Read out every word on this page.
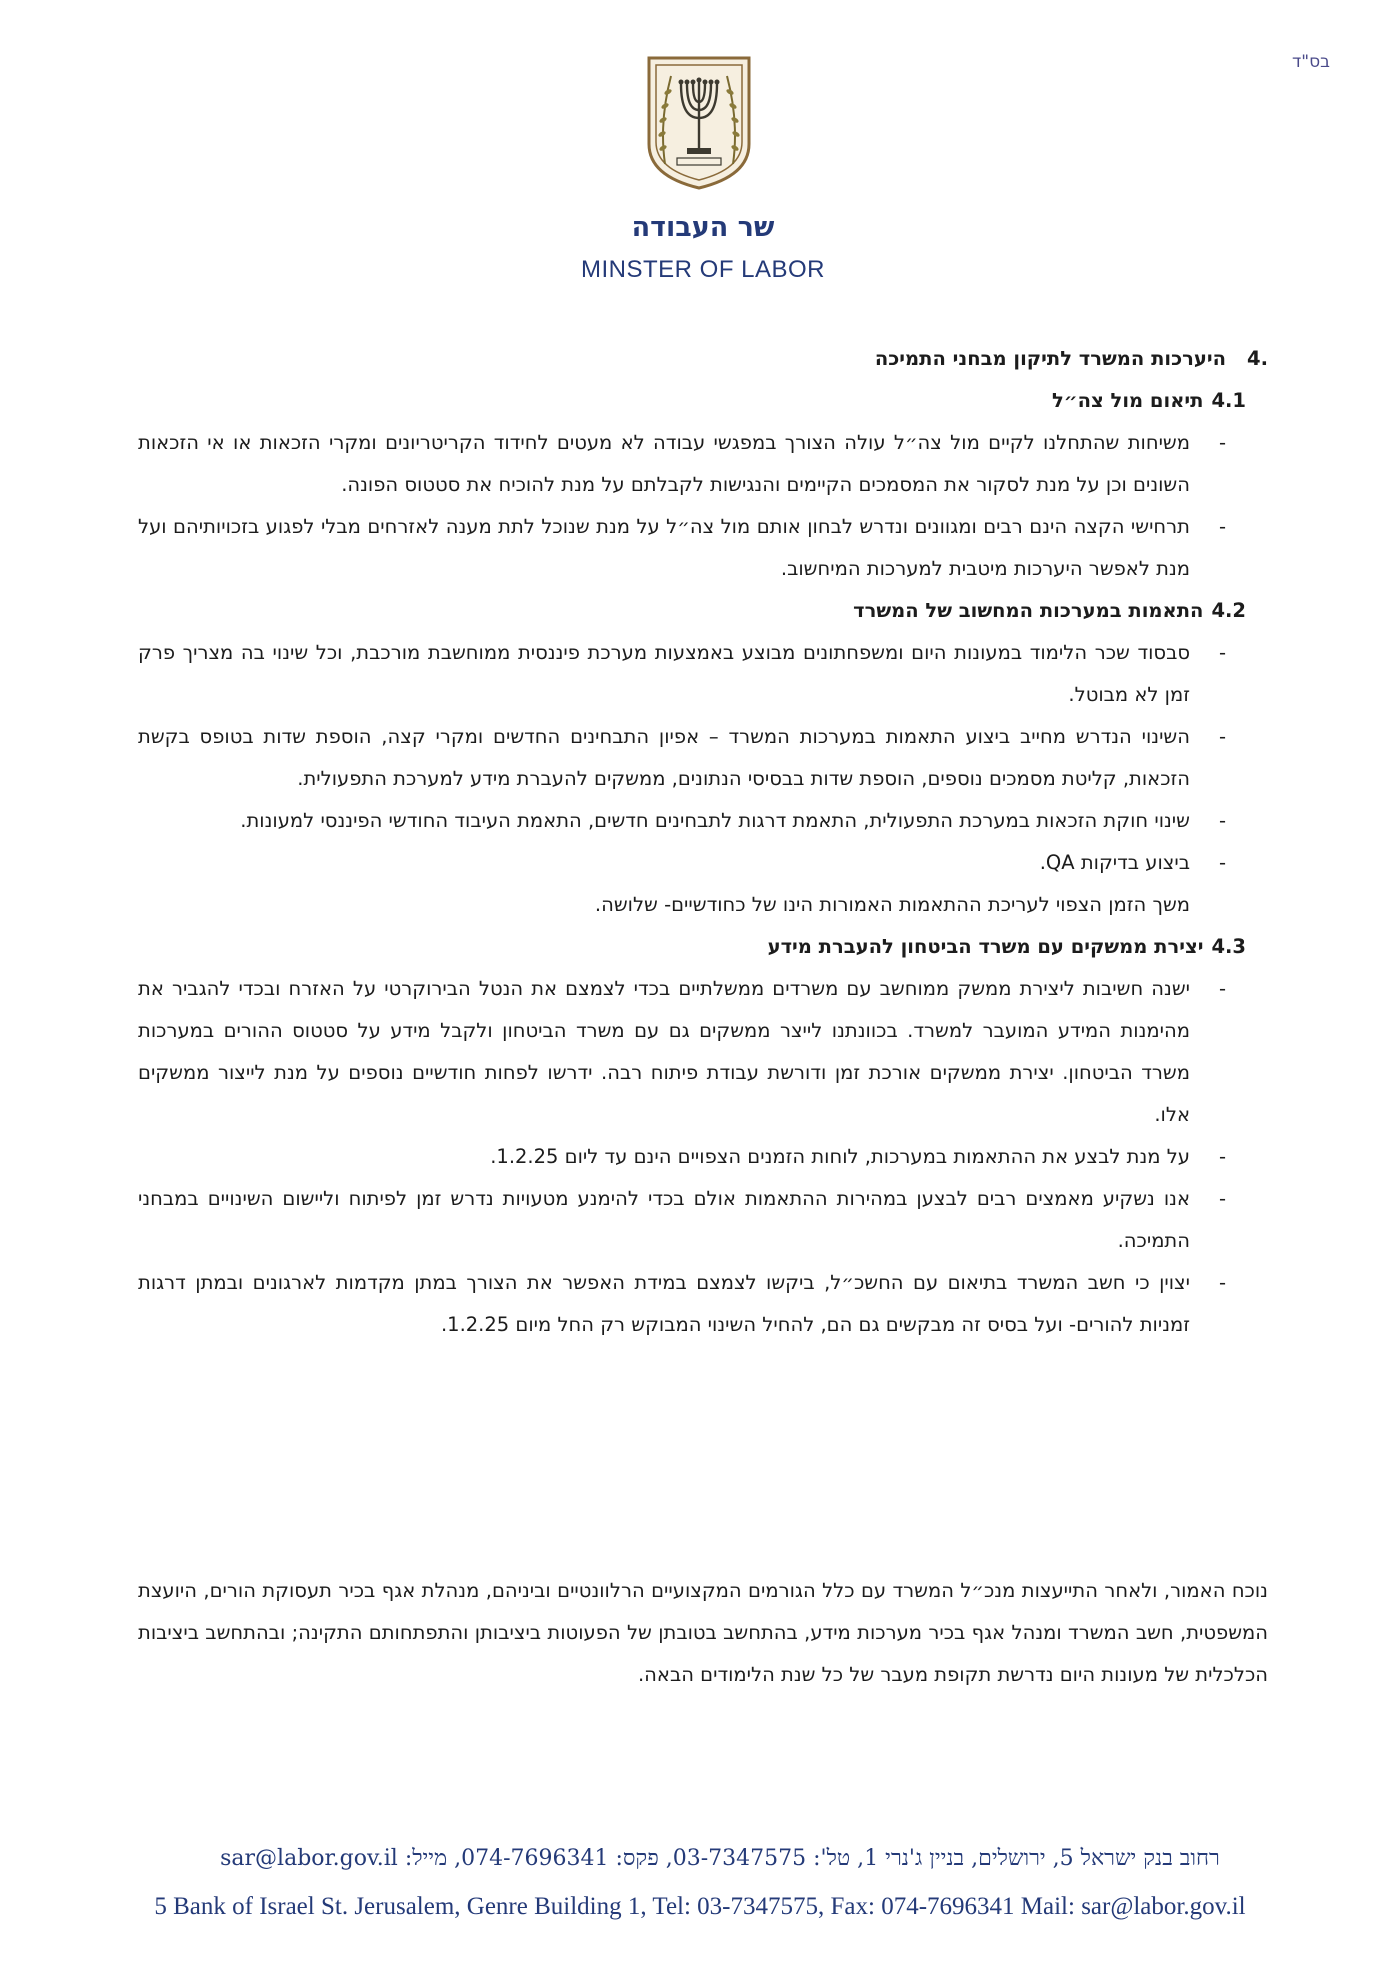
בס"ד
שר העבודה
MINSTER OF LABOR

.4
היערכות המשרד לתיקון מבחני התמיכה

4.1תיאום מול צה״ל

-
משיחות שהתחלנו לקיים מול צה״ל עולה הצורך במפגשי עבודה לא מעטים לחידוד הקריטריונים ומקרי הזכאות או אי הזכאות השונים וכן על מנת לסקור את המסמכים הקיימים והנגישות לקבלתם על מנת להוכיח את סטטוס הפונה.
-
תרחישי הקצה הינם רבים ומגוונים ונדרש לבחון אותם מול צה״ל על מנת שנוכל לתת מענה לאזרחים מבלי לפגוע בזכויותיהם ועל מנת לאפשר היערכות מיטבית למערכות המיחשוב.

4.2התאמות במערכות המחשוב של המשרד

-
סבסוד שכר הלימוד במעונות היום ומשפחתונים מבוצע באמצעות מערכת פיננסית ממוחשבת מורכבת, וכל שינוי בה מצריך פרק זמן לא מבוטל.
-
השינוי הנדרש מחייב ביצוע התאמות במערכות המשרד – אפיון התבחינים החדשים ומקרי קצה, הוספת שדות בטופס בקשת הזכאות, קליטת מסמכים נוספים, הוספת שדות בבסיסי הנתונים, ממשקים להעברת מידע למערכת התפעולית.
-
שינוי חוקת הזכאות במערכת התפעולית, התאמת דרגות לתבחינים חדשים, התאמת העיבוד החודשי הפיננסי למעונות.
-
ביצוע בדיקות QA.

משך הזמן הצפוי לעריכת ההתאמות האמורות הינו של כחודשיים- שלושה.

4.3יצירת ממשקים עם משרד הביטחון להעברת מידע

-
ישנה חשיבות ליצירת ממשק ממוחשב עם משרדים ממשלתיים בכדי לצמצם את הנטל הבירוקרטי על האזרח ובכדי להגביר את מהימנות המידע המועבר למשרד. בכוונתנו לייצר ממשקים גם עם משרד הביטחון ולקבל מידע על סטטוס ההורים במערכות משרד הביטחון. יצירת ממשקים אורכת זמן ודורשת עבודת פיתוח רבה. ידרשו לפחות חודשיים נוספים על מנת לייצור ממשקים אלו.
-
על מנת לבצע את ההתאמות במערכות, לוחות הזמנים הצפויים הינם עד ליום 1.2.25.
-
אנו נשקיע מאמצים רבים לבצען במהירות ההתאמות אולם בכדי להימנע מטעויות נדרש זמן לפיתוח וליישום השינויים במבחני התמיכה.
-
יצוין כי חשב המשרד בתיאום עם החשכ״ל, ביקשו לצמצם במידת האפשר את הצורך במתן מקדמות לארגונים ובמתן דרגות זמניות להורים- ועל בסיס זה מבקשים גם הם, להחיל השינוי המבוקש רק החל מיום 1.2.25.

נוכח האמור, ולאחר התייעצות מנכ״ל המשרד עם כלל הגורמים המקצועיים הרלוונטיים וביניהם, מנהלת אגף בכיר תעסוקת הורים, היועצת המשפטית, חשב המשרד ומנהל אגף בכיר מערכות מידע, בהתחשב בטובתן של הפעוטות ביציבותן והתפתחותם התקינה; ובהתחשב ביציבות הכלכלית של מעונות היום נדרשת תקופת מעבר של כל שנת הלימודים הבאה.

רחוב בנק ישראל 5, ירושלים, בניין ג'נרי 1, טל': 03-7347575, פקס: 074-7696341, מייל: sar@labor.gov.il
5 Bank of Israel St. Jerusalem, Genre Building 1, Tel: 03-7347575, Fax: 074-7696341 Mail: sar@labor.gov.il
